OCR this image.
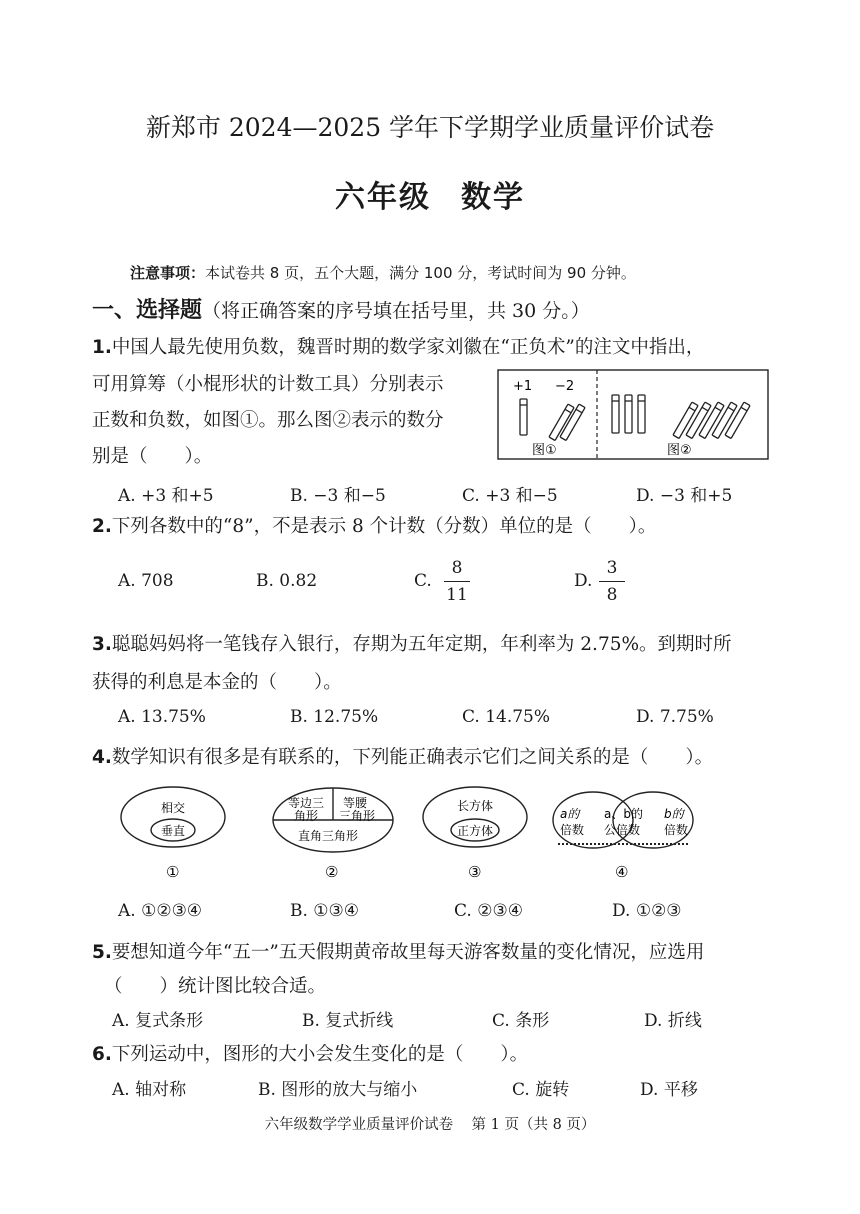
新郑市 2024—2025 学年下学期学业质量评价试卷
六年级 数学
注意事项：本试卷共 8 页，五个大题，满分 100 分，考试时间为 90 分钟。
一、选择题（将正确答案的序号填在括号里，共 30 分。）
1.中国人最先使用负数，魏晋时期的数学家刘徽在“正负术”的注文中指出，
可用算筹（小棍形状的计数工具）分别表示
正数和负数，如图①。那么图②表示的数分
别是（　　）。
+1 −2
图①	图②
A. +3 和+5	B. −3 和−5	C. +3 和−5	D. −3 和+5
2.下列各数中的“8”，不是表示 8 个计数（分数）单位的是（　　）。
A. 708	B. 0.82	C.
8
11
D.
3
8
3.聪聪妈妈将一笔钱存入银行，存期为五年定期，年利率为 2.75%。到期时所
获得的利息是本金的（　　）。
A. 13.75%	B. 12.75%	C. 14.75%	D. 7.75%
4.数学知识有很多是有联系的，下列能正确表示它们之间关系的是（　　）。
相交
垂直
①
等边三
角形
等腰
三角形
直角三角形
②
长方体
正方体
③
a的
倍数
a、b的
公倍数
b的
倍数
④
A. ①②③④	B. ①③④	C. ②③④	D. ①②③
5.要想知道今年“五一”五天假期黄帝故里每天游客数量的变化情况，应选用
（　　）统计图比较合适。
A. 复式条形	B. 复式折线	C. 条形	D. 折线
6.下列运动中，图形的大小会发生变化的是（　　）。
A. 轴对称	B. 图形的放大与缩小	C. 旋转	D. 平移
六年级数学学业质量评价试卷 第 1 页（共 8 页）
